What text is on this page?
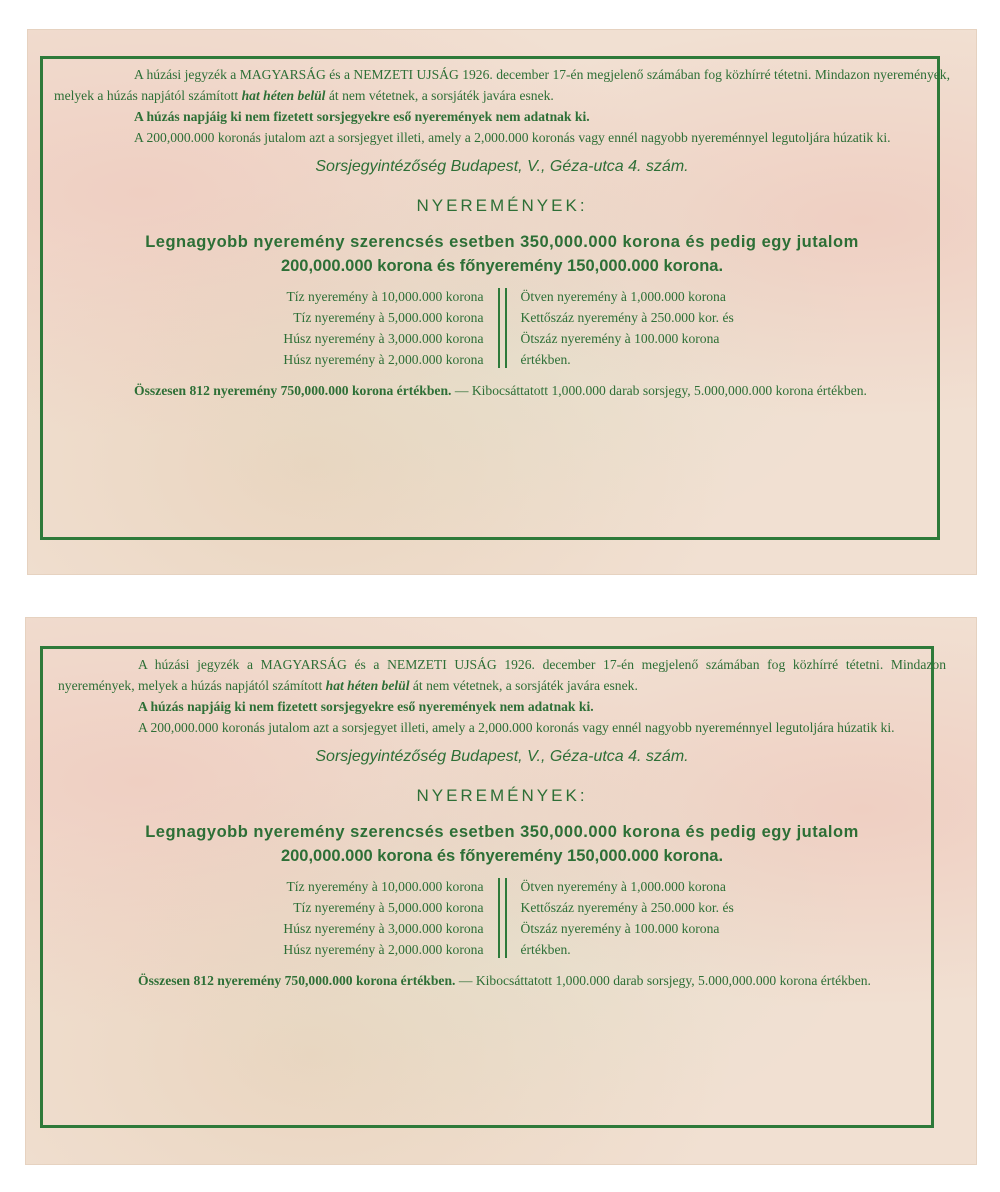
A húzási jegyzék a MAGYARSÁG és a NEMZETI UJSÁG 1926. december 17-én megjelenő számában fog közhírré tétetni. Mindazon nyeremények, melyek a húzás napjától számított hat héten belül át nem vétetnek, a sorsjáték javára esnek.

A húzás napjáig ki nem fizetett sorsjegyekre eső nyeremények nem adatnak ki.

A 200,000.000 koronás jutalom azt a sorsjegyet illeti, amely a 2,000.000 koronás vagy ennél nagyobb nyereménnyel legutoljára húzatik ki.

Sorsjegyintézőség Budapest, V., Géza-utca 4. szám.
NYEREMÉNYEK:
Legnagyobb nyeremény szerencsés esetben 350,000.000 korona és pedig egy jutalom
200,000.000 korona és főnyeremény 150,000.000 korona.
Tíz nyeremény à 10,000.000 korona
Tíz nyeremény à 5,000.000 korona
Húsz nyeremény à 3,000.000 korona
Húsz nyeremény à 2,000.000 korona
Ötven nyeremény à 1,000.000 korona
Kettőszáz nyeremény à 250.000 kor. és
Ötszáz nyeremény à 100.000 korona
értékben.

Összesen 812 nyeremény 750,000.000 korona értékben. — Kibocsáttatott 1,000.000 darab sorsjegy, 5.000,000.000 korona értékben.

A húzási jegyzék a MAGYARSÁG és a NEMZETI UJSÁG 1926. december 17-én megjelenő számában fog közhírré tétetni. Mindazon nyeremények, melyek a húzás napjától számított hat héten belül át nem vétetnek, a sorsjáték javára esnek.

A húzás napjáig ki nem fizetett sorsjegyekre eső nyeremények nem adatnak ki.

A 200,000.000 koronás jutalom azt a sorsjegyet illeti, amely a 2,000.000 koronás vagy ennél nagyobb nyereménnyel legutoljára húzatik ki.

Sorsjegyintézőség Budapest, V., Géza-utca 4. szám.
NYEREMÉNYEK:
Legnagyobb nyeremény szerencsés esetben 350,000.000 korona és pedig egy jutalom
200,000.000 korona és főnyeremény 150,000.000 korona.
Tíz nyeremény à 10,000.000 korona
Tíz nyeremény à 5,000.000 korona
Húsz nyeremény à 3,000.000 korona
Húsz nyeremény à 2,000.000 korona
Ötven nyeremény à 1,000.000 korona
Kettőszáz nyeremény à 250.000 kor. és
Ötszáz nyeremény à 100.000 korona
értékben.

Összesen 812 nyeremény 750,000.000 korona értékben. — Kibocsáttatott 1,000.000 darab sorsjegy, 5.000,000.000 korona értékben.
